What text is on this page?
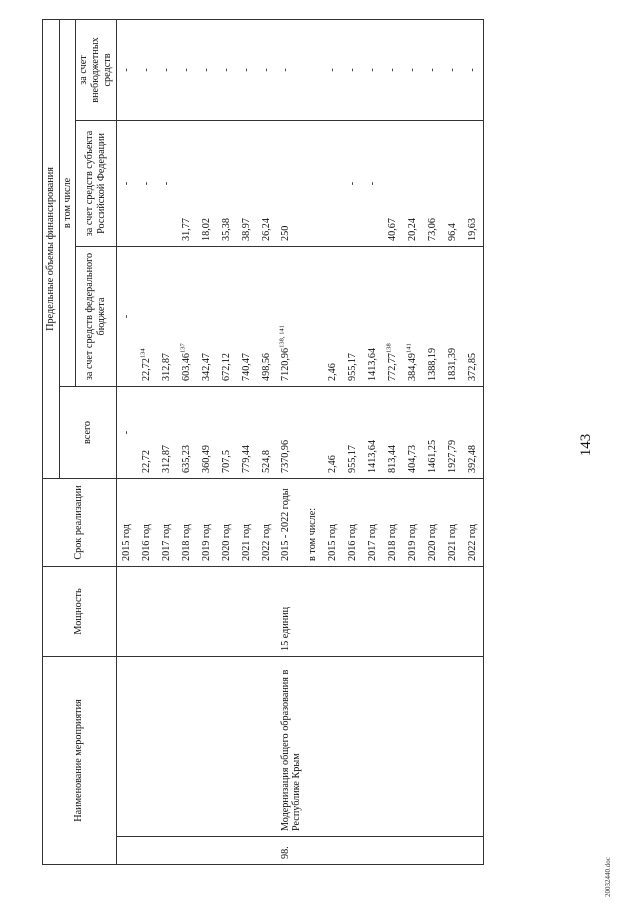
143
Наименование мероприятия		Мощность	Срок реализации	Предельные объемы финансирования			
				всего	в том числе		
					за счет средств федерального бюджета	за счет средств субъекта Российской Федерации	за счет внебюджетных средств
			2015 год	-	-	-	-
			2016 год	22,72	22,72$^{134}$	-	-
			2017 год	312,87	312,87	-	-
			2018 год	635,23	603,46$^{137}$	31,77	-
			2019 год	360,49	342,47	18,02	-
			2020 год	707,5	672,12	35,38	-
			2021 год	779,44	740,47	38,97	-
			2022 год	524,8	498,56	26,24	-
98.	Модернизация общего образования в Республике Крым	15 единиц	2015 - 2022 годы	7370,96	7120,96$^{138, 141}$	250	-
			в том числе:				
			2015 год	2,46	2,46		-
			2016 год	955,17	955,17	-	-
			2017 год	1413,64	1413,64	-	-
			2018 год	813,44	772,77$^{138}$	40,67	-
			2019 год	404,73	384,49$^{141}$	20,24	-
			2020 год	1461,25	1388,19	73,06	-
			2021 год	1927,79	1831,39	96,4	-
			2022 год	392,48	372,85	19,63	-
20032440.doc
